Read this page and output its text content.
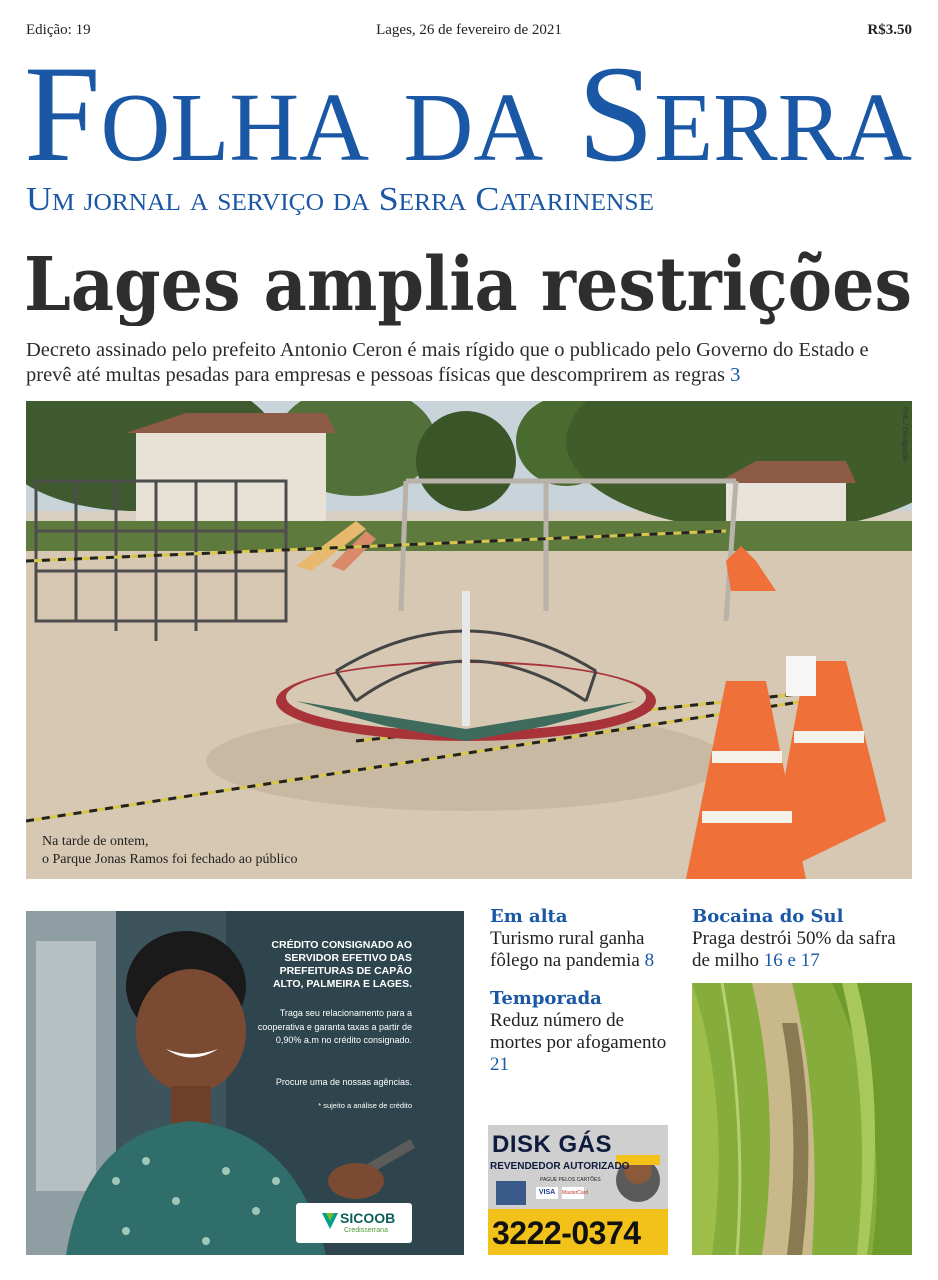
Edição: 19	Lages, 26 de fevereiro de 2021	R$3.50
Folha da Serra
Um jornal a serviço da Serra Catarinense
Lages amplia restrições

Decreto assinado pelo prefeito Antonio Ceron é mais rígido que o publicado pelo Governo do Estado e prevê até multas pesadas para empresas e pessoas físicas que descomprirem as regras 3

Na tarde de ontem,
o Parque Jonas Ramos foi fechado ao público
PML / Divulgação
CRÉDITO CONSIGNADO AO SERVIDOR EFETIVO DAS PREFEITURAS DE CAPÃO ALTO, PALMEIRA E LAGES.
Traga seu relacionamento para a cooperativa e garanta taxas a partir de 0,90% a.m no crédito consignado.
Procure uma de nossas agências.
* sujeito a análise de crédito
SICOOB
Credisserrana
Em alta
Turismo rural ganha fôlego na pandemia 8
Temporada
Reduz número de mortes por afogamento 21
Bocaina do Sul
Praga destrói 50% da safra de milho 16 e 17
DISK GÁS
REVENDEDOR AUTORIZADO
PAGUE PELOS CARTÕES
VISA	MasterCard
3222-0374
